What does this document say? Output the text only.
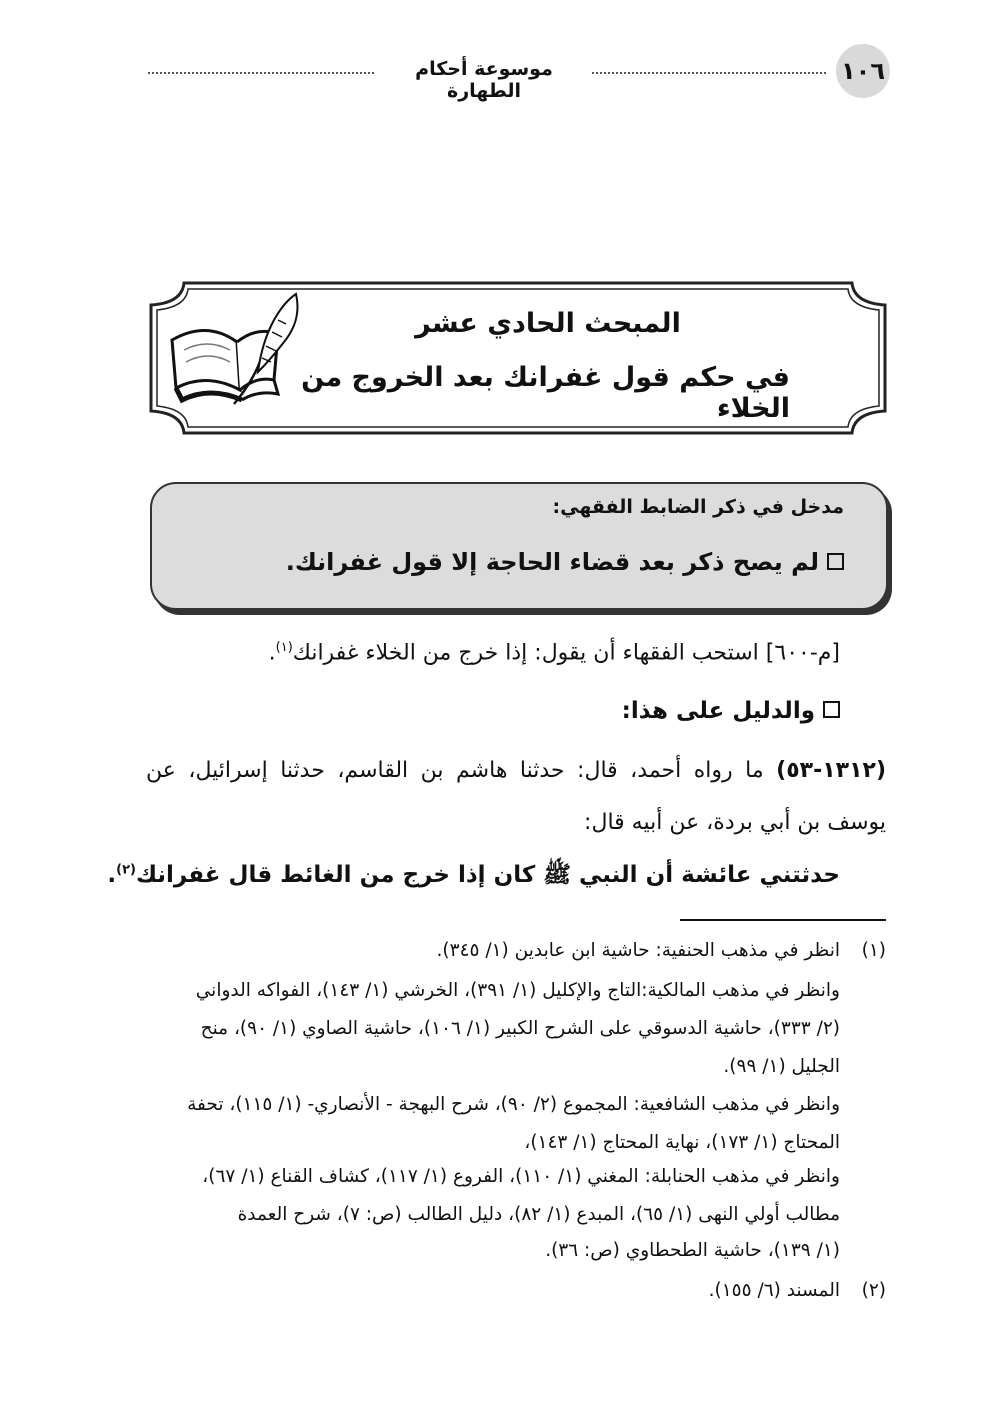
١٠٦
موسوعة أحكام الطهارة
المبحث الحادي عشر
في حكم قول غفرانك بعد الخروج من الخلاء
مدخل في ذكر الضابط الفقهي:
لم يصح ذكر بعد قضاء الحاجة إلا قول غفرانك.
[م-٦٠٠] استحب الفقهاء أن يقول: إذا خرج من الخلاء غفرانك$^{(١)}$.
والدليل على هذا:
(١٣١٢-٥٣) ما رواه أحمد، قال: حدثنا هاشم بن القاسم، حدثنا إسرائيل، عن
يوسف بن أبي بردة، عن أبيه قال:
حدثتني عائشة أن النبي ﷺ كان إذا خرج من الغائط قال غفرانك$^{(٢)}$.
(١)
انظر في مذهب الحنفية: حاشية ابن عابدين (١/ ٣٤٥).
وانظر في مذهب المالكية:التاج والإكليل (١/ ٣٩١)، الخرشي (١/ ١٤٣)، الفواكه الدواني
(٢/ ٣٣٣)، حاشية الدسوقي على الشرح الكبير (١/ ١٠٦)، حاشية الصاوي (١/ ٩٠)، منح
الجليل (١/ ٩٩).
وانظر في مذهب الشافعية: المجموع (٢/ ٩٠)، شرح البهجة - الأنصاري- (١/ ١١٥)، تحفة
المحتاج (١/ ١٧٣)، نهاية المحتاج (١/ ١٤٣)،
وانظر في مذهب الحنابلة: المغني (١/ ١١٠)، الفروع (١/ ١١٧)، كشاف القناع (١/ ٦٧)،
مطالب أولي النهى (١/ ٦٥)، المبدع (١/ ٨٢)، دليل الطالب (ص: ٧)، شرح العمدة
(١/ ١٣٩)، حاشية الطحطاوي (ص: ٣٦).
(٢)
المسند (٦/ ١٥٥).
